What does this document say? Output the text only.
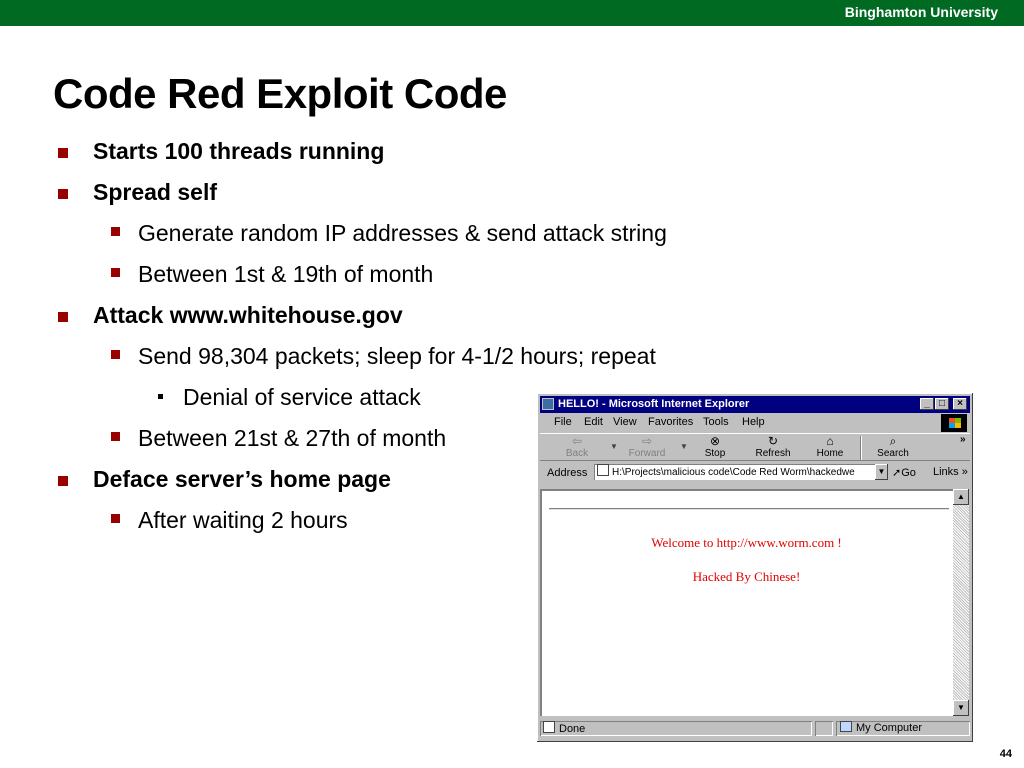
Binghamton University
Code Red Exploit Code
Starts 100 threads running
Spread self
Generate random IP addresses & send attack string
Between 1st & 19th of month
Attack www.whitehouse.gov
Send 98,304 packets; sleep for 4-1/2 hours; repeat
Denial of service attack
Between 21st & 27th of month
Deface server’s home page
After waiting 2 hours
HELLO! - Microsoft Internet Explorer	_ □	×
File Edit View Favorites Tools Help
⇦
Back
▼	⇨
Forward
▼	⊗
Stop
↻
Refresh
⌂
Home
⌕
Search
»
Address	H:\Projects\malicious code\Code Red Worm\hackedwe	▼ ➚Go Links »
Welcome to http://www.worm.com !
Hacked By Chinese!
▲
▼
Done	My Computer
44
